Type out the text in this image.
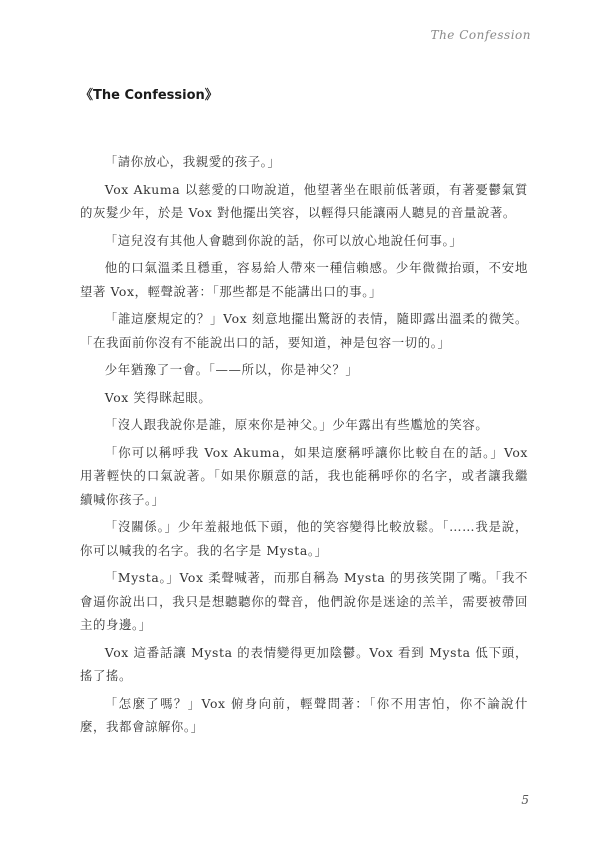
The Confession
《The Confession》

「請你放心，我親愛的孩子。」

Vox Akuma 以慈愛的口吻說道，他望著坐在眼前低著頭，有著憂鬱氣質的灰髮少年，於是 Vox 對他擺出笑容，以輕得只能讓兩人聽見的音量說著。

「這兒沒有其他人會聽到你說的話，你可以放心地說任何事。」

他的口氣溫柔且穩重，容易給人帶來一種信賴感。少年微微抬頭，不安地望著 Vox，輕聲說著：「那些都是不能講出口的事。」

「誰這麼規定的？」Vox 刻意地擺出驚訝的表情，隨即露出溫柔的微笑。「在我面前你沒有不能說出口的話，要知道，神是包容一切的。」

少年猶豫了一會。「——所以，你是神父？」

Vox 笑得眯起眼。

「沒人跟我說你是誰，原來你是神父。」少年露出有些尷尬的笑容。

「你可以稱呼我 Vox Akuma，如果這麼稱呼讓你比較自在的話。」Vox 用著輕快的口氣說著。「如果你願意的話，我也能稱呼你的名字，或者讓我繼續喊你孩子。」

「沒關係。」少年羞赧地低下頭，他的笑容變得比較放鬆。「……我是說，你可以喊我的名字。我的名字是 Mysta。」

「Mysta。」Vox 柔聲喊著，而那自稱為 Mysta 的男孩笑開了嘴。「我不會逼你說出口，我只是想聽聽你的聲音，他們說你是迷途的羔羊，需要被帶回主的身邊。」

Vox 這番話讓 Mysta 的表情變得更加陰鬱。Vox 看到 Mysta 低下頭，搖了搖。

「怎麼了嗎？」Vox 俯身向前，輕聲問著：「你不用害怕，你不論說什麼，我都會諒解你。」

5
